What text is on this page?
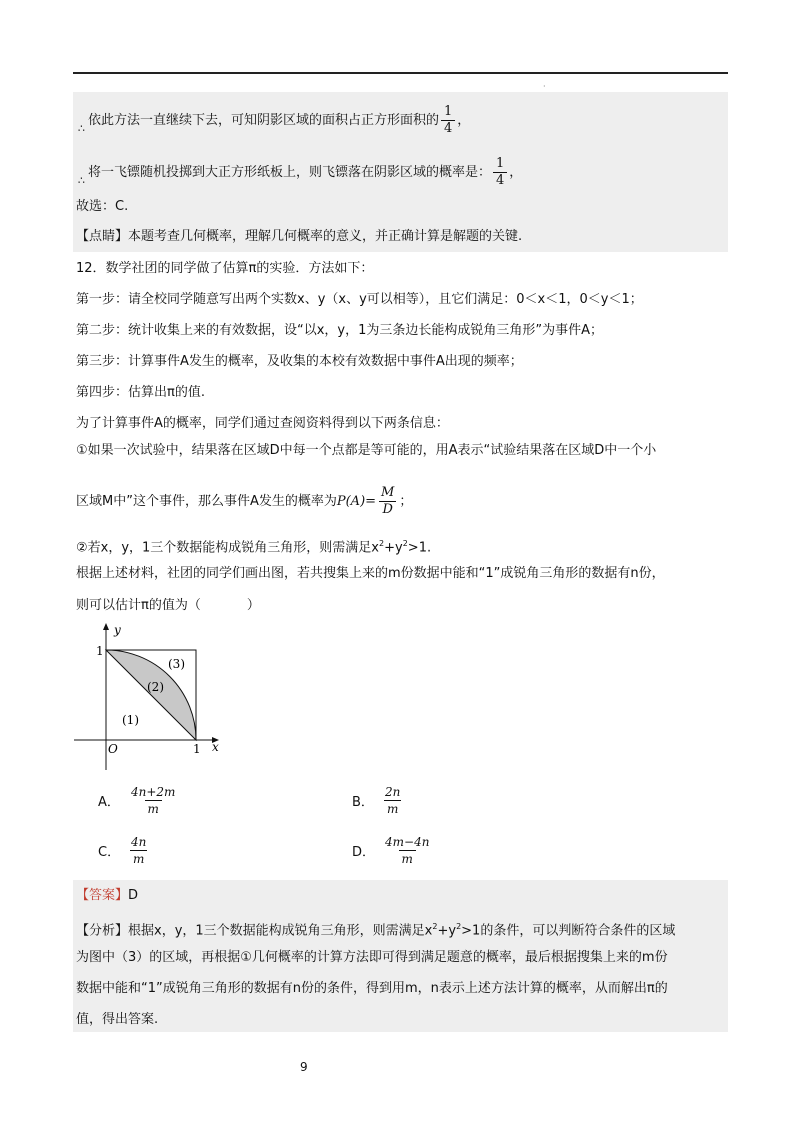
·
∴
依此方法一直继续下去，可知阴影区域的面积占正方形面积的 $\frac{1}{4}$ ，
∴
将一飞镖随机投掷到大正方形纸板上，则飞镖落在阴影区域的概率是： $\frac{1}{4}$ ，
故选：C.
【点睛】本题考查几何概率，理解几何概率的意义，并正确计算是解题的关键.
12．数学社团的同学做了估算π的实验．方法如下：
第一步：请全校同学随意写出两个实数x、y（x、y可以相等），且它们满足：0＜x＜1，0＜y＜1；
第二步：统计收集上来的有效数据，设“以x，y，1为三条边长能构成锐角三角形”为事件A；
第三步：计算事件A发生的概率，及收集的本校有效数据中事件A出现的频率；
第四步：估算出π的值.
为了计算事件A的概率，同学们通过查阅资料得到以下两条信息：
①如果一次试验中，结果落在区域D中每一个点都是等可能的，用A表示“试验结果落在区域D中一个小
区域M中”这个事件，那么事件A发生的概率为$P(A)= \frac{M}{D}$ ；
②若x，y，1三个数据能构成锐角三角形，则需满足$x^2+y^2>1$.
根据上述材料，社团的同学们画出图，若共搜集上来的m份数据中能和“1”成锐角三角形的数据有n份，
则可以估计π的值为（	）
y
x
O	1
1
(1)
(2)
(3)
A． $\frac{4n+2m}{m}$	B． $\frac{2n}{m}$
C． $\frac{4n}{m}$	D． $\frac{4m-4n}{m}$
【答案】D
【分析】根据x，y，1三个数据能构成锐角三角形，则需满足$x^2+y^2>1$的条件，可以判断符合条件的区域
为图中（3）的区域，再根据①几何概率的计算方法即可得到满足题意的概率，最后根据搜集上来的m份
数据中能和“1”成锐角三角形的数据有n份的条件，得到用m，n表示上述方法计算的概率，从而解出π的
值，得出答案.
9
